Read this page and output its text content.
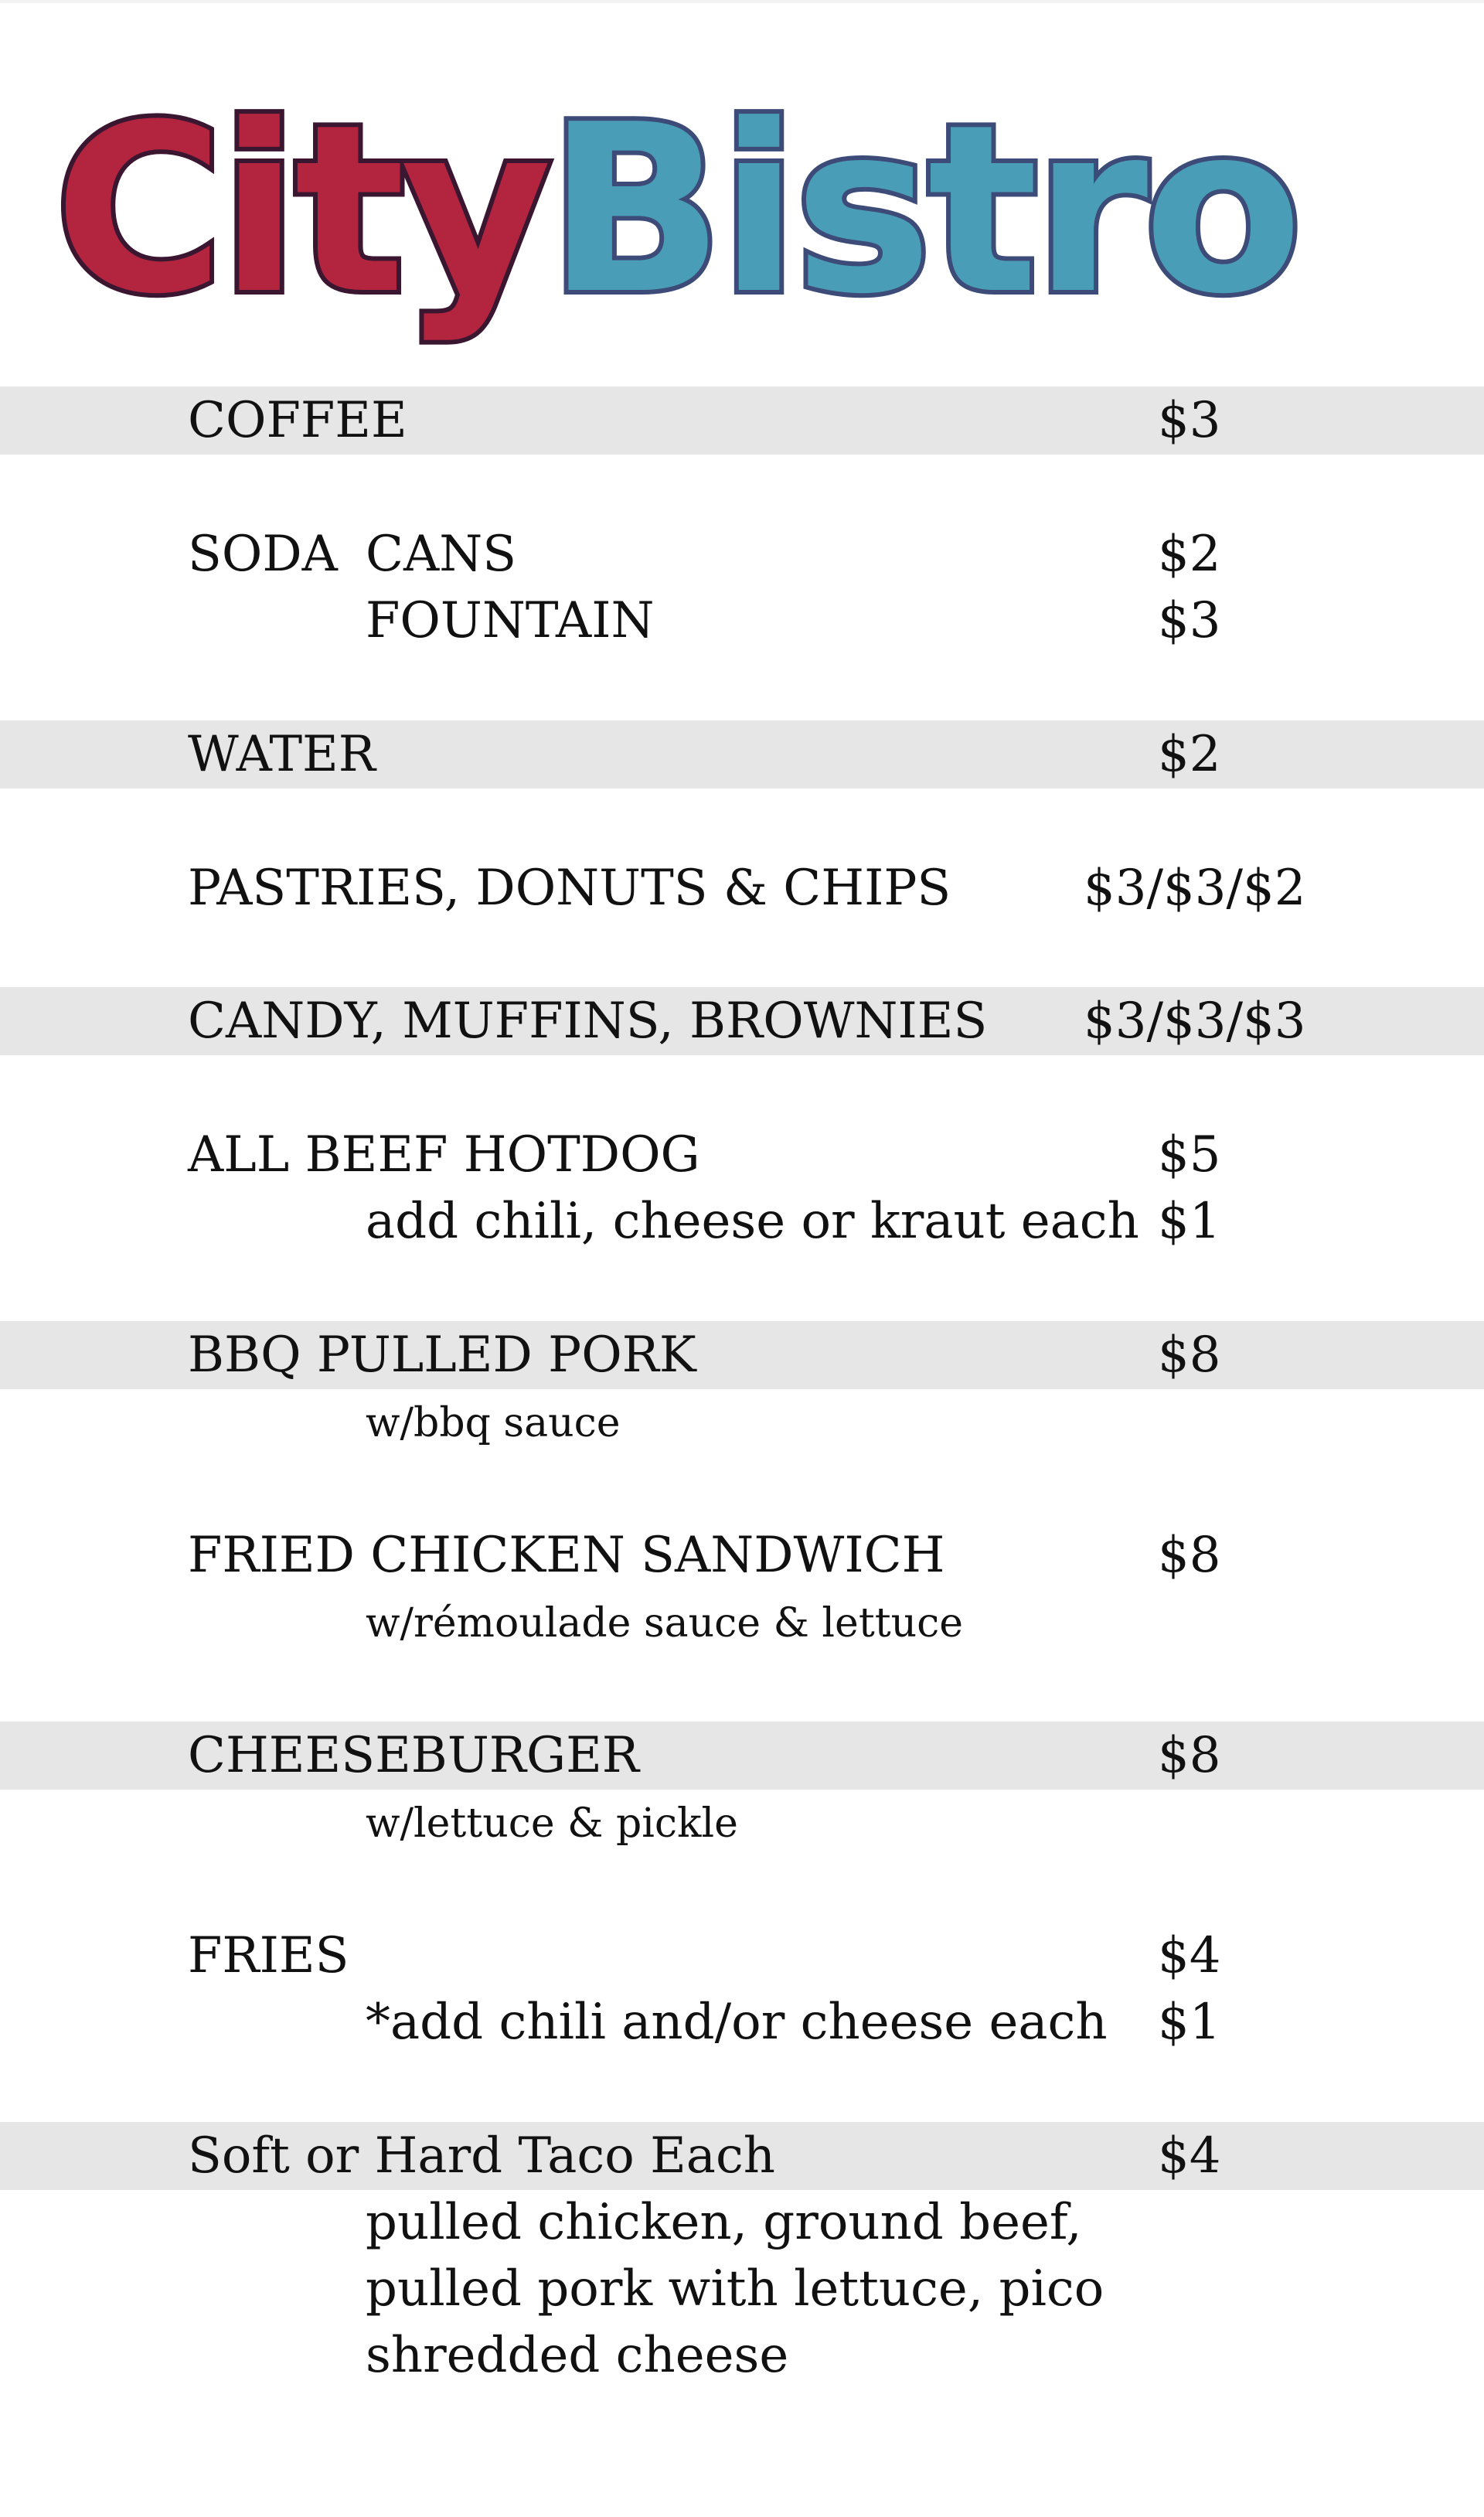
CityBistro
COFFEE	$3
SODA CANS	$2
FOUNTAIN	$3
WATER	$2
PASTRIES, DONUTS & CHIPS	$3/$3/$2
CANDY, MUFFINS, BROWNIES $3/$3/$3
ALL BEEF HOTDOG	$5
add chili, cheese or kraut each $1
BBQ PULLED PORK	$8
w/bbq sauce
FRIED CHICKEN SANDWICH	$8
w/rémoulade sauce & lettuce
CHEESEBURGER	$8
w/lettuce & pickle
FRIES	$4
*add chili and/or cheese each $1
Soft or Hard Taco Each	$4
pulled chicken, ground beef,
pulled pork with lettuce, pico
shredded cheese
